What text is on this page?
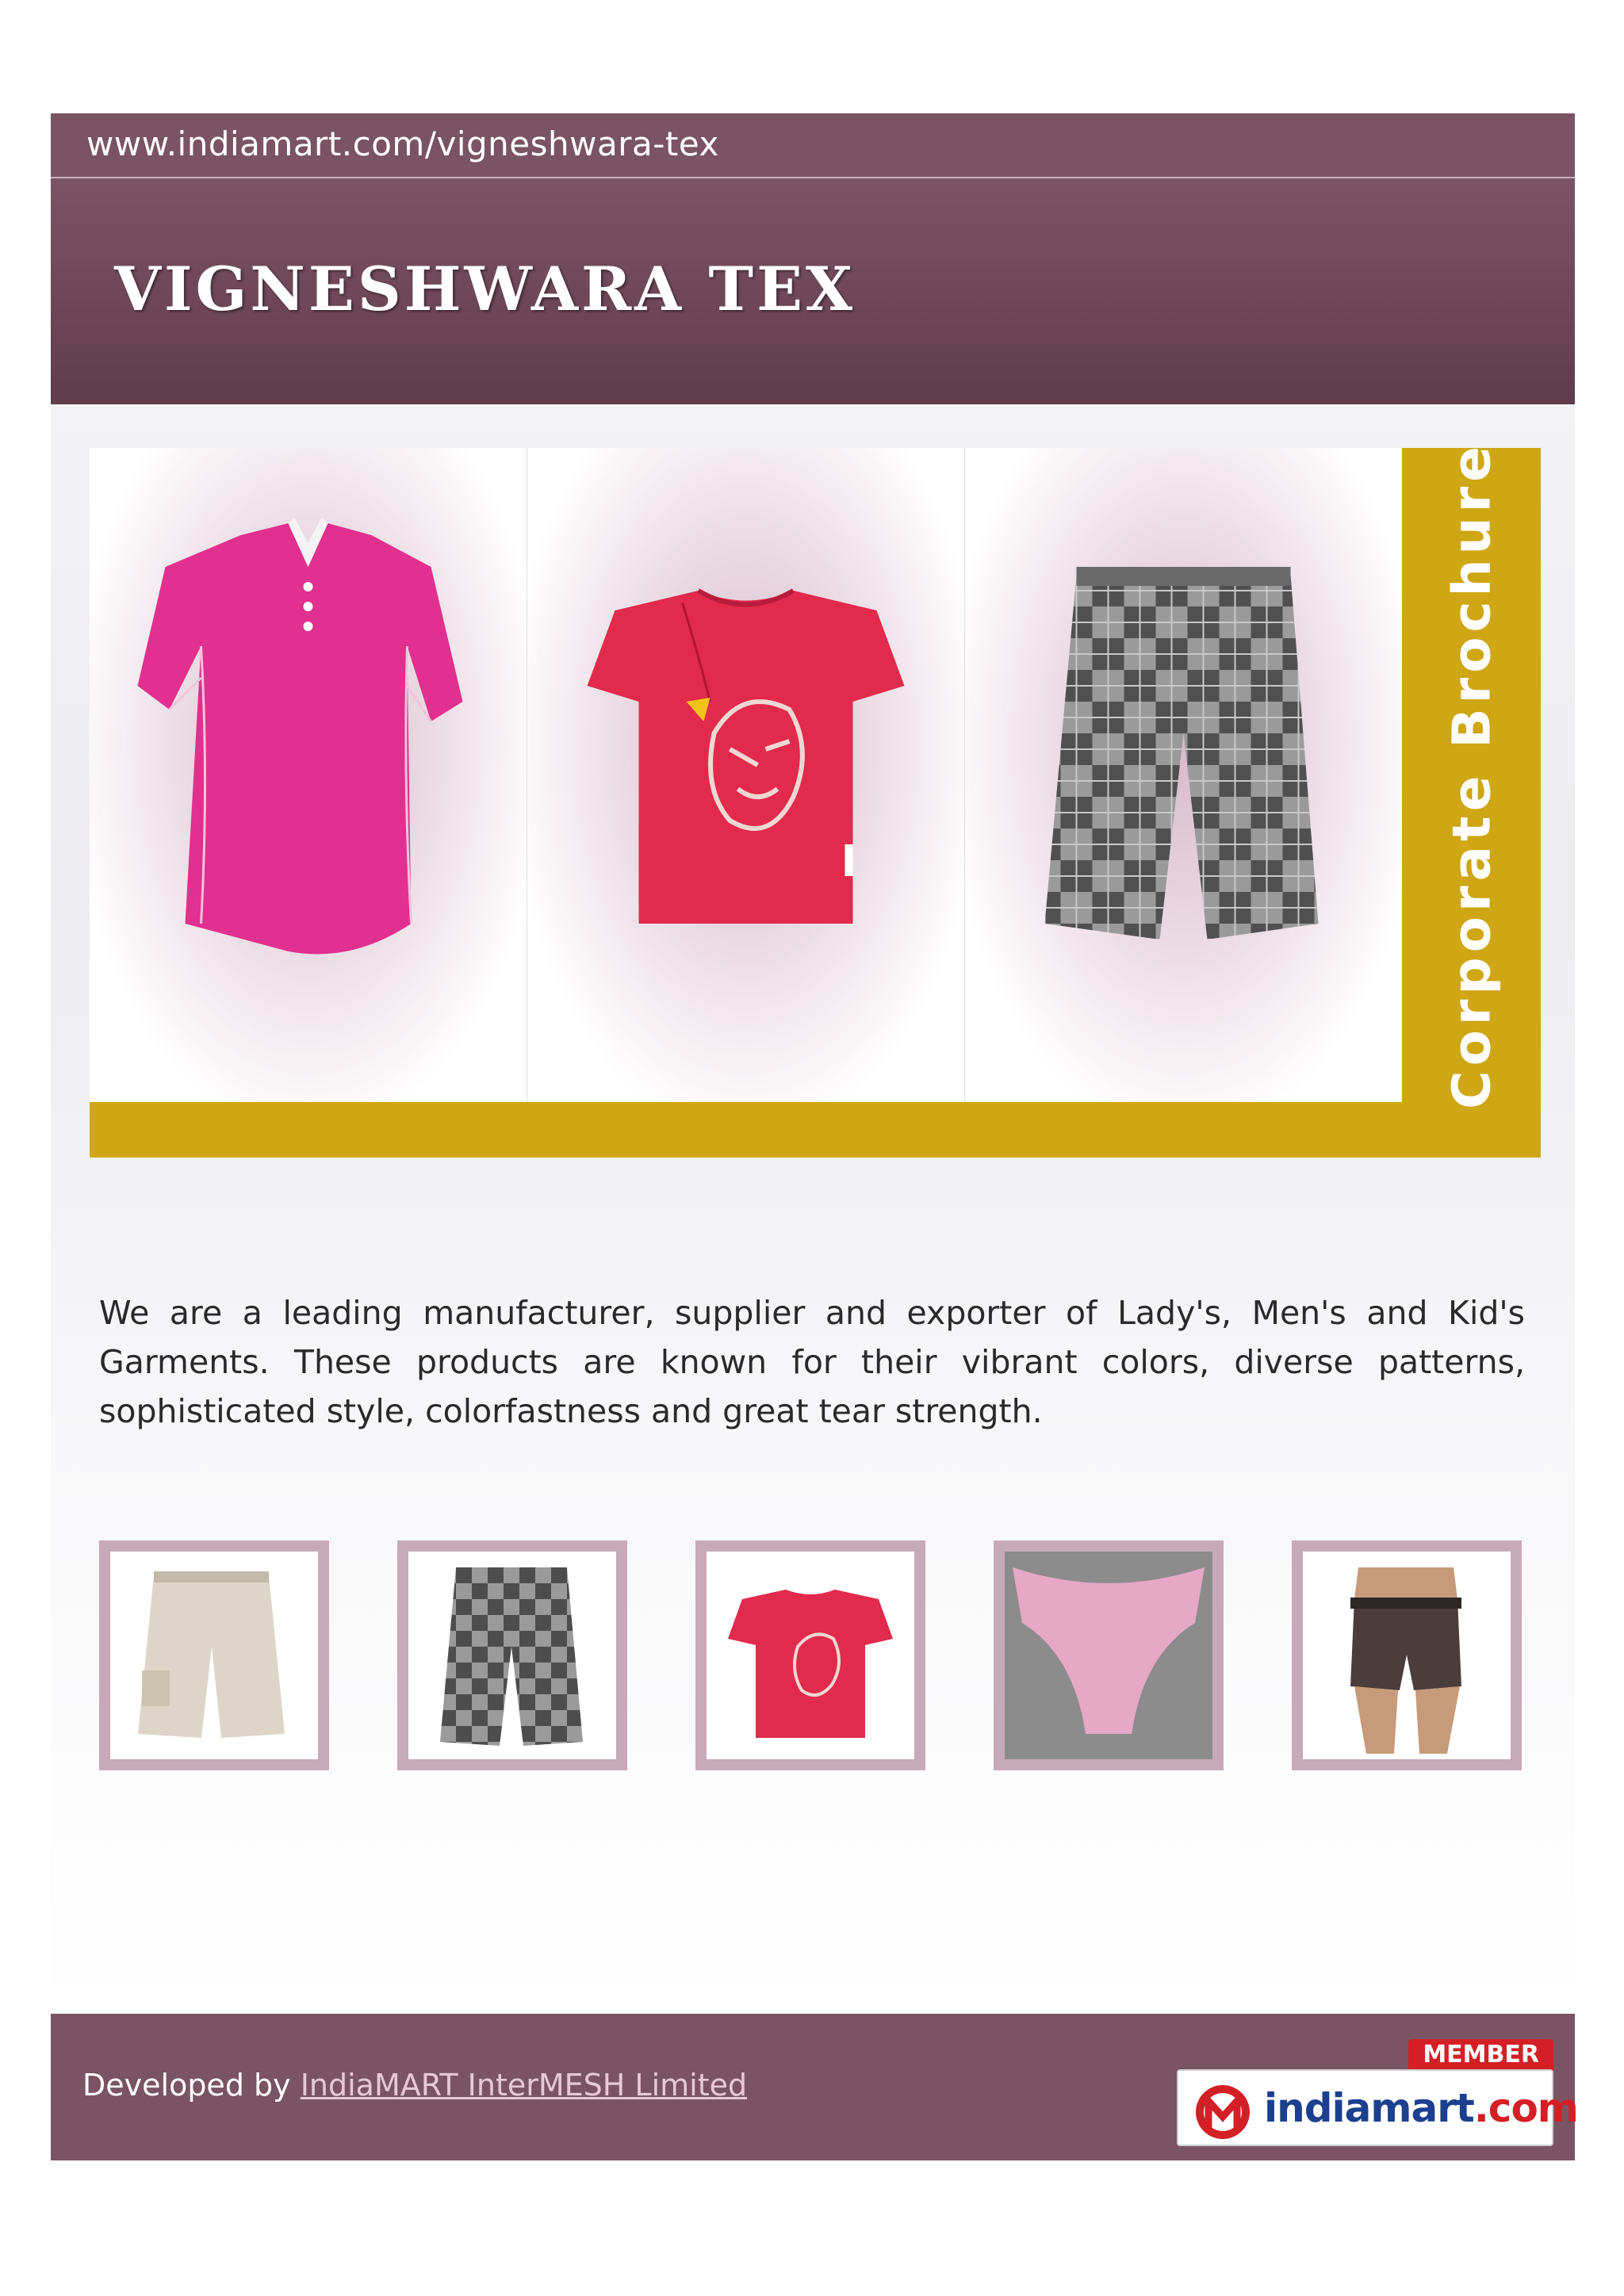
www.indiamart.com/vigneshwara-tex
VIGNESHWARA TEX
Corporate Brochure
We are a leading manufacturer, supplier and exporter of Lady's, Men's and Kid's Garments. These products are known for their vibrant colors, diverse patterns, sophisticated style, colorfastness and great tear strength.
Developed by IndiaMART InterMESH Limited
MEMBER
indiamart.com
